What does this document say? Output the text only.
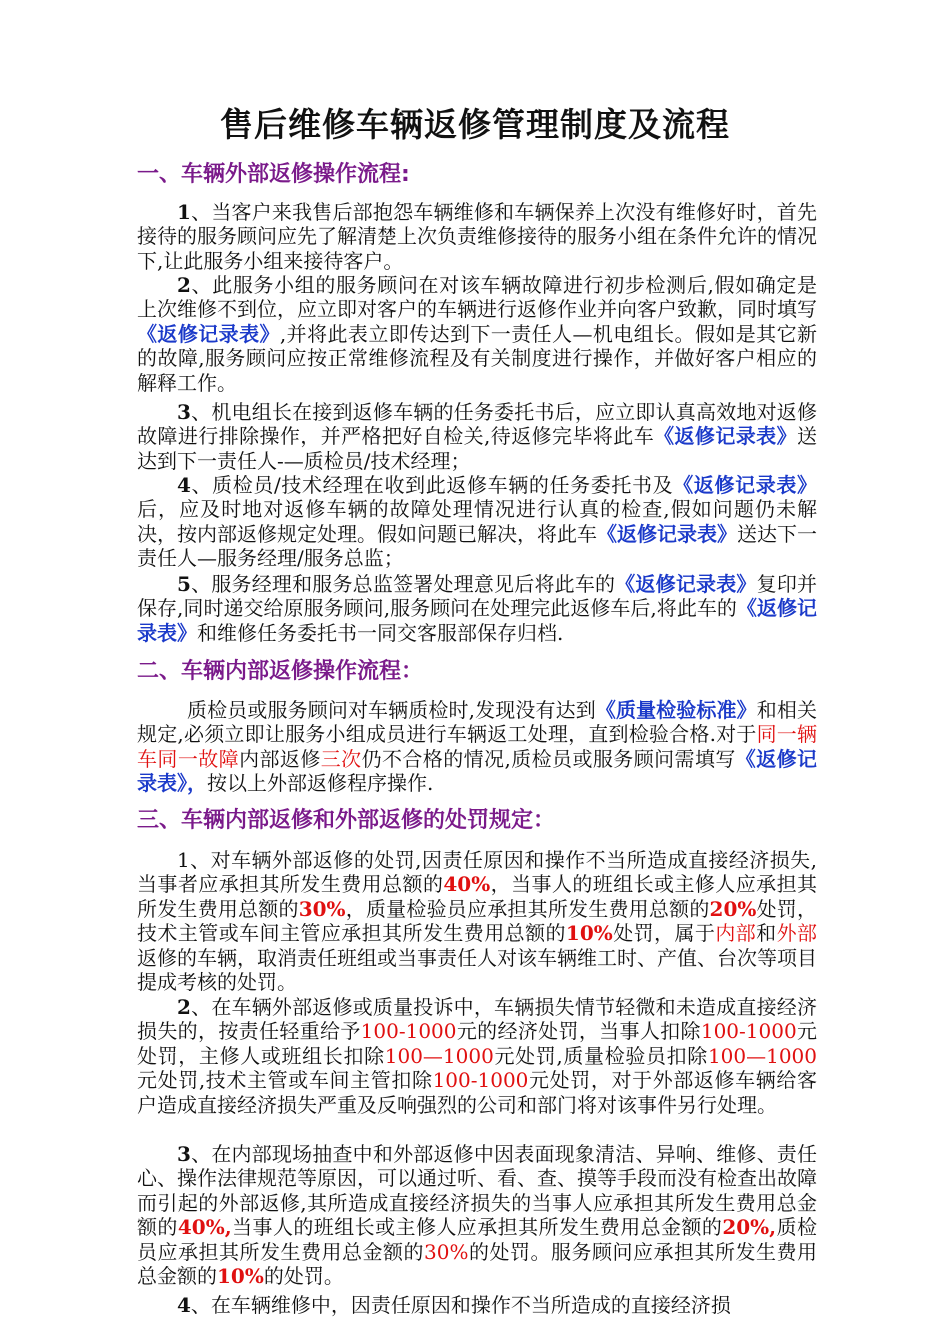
售后维修车辆返修管理制度及流程
一、车辆外部返修操作流程:
1、当客户来我售后部抱怨车辆维修和车辆保养上次没有维修好时，首先接待的服务顾问应先了解清楚上次负责维修接待的服务小组在条件允许的情况下,让此服务小组来接待客户。
2、此服务小组的服务顾问在对该车辆故障进行初步检测后,假如确定是上次维修不到位，应立即对客户的车辆进行返修作业并向客户致歉，同时填写《返修记录表》,并将此表立即传达到下一责任人—机电组长。假如是其它新的故障,服务顾问应按正常维修流程及有关制度进行操作，并做好客户相应的解释工作。
3、机电组长在接到返修车辆的任务委托书后，应立即认真高效地对返修故障进行排除操作，并严格把好自检关,待返修完毕将此车《返修记录表》送达到下一责任人-—质检员/技术经理；
4、质检员/技术经理在收到此返修车辆的任务委托书及《返修记录表》后，应及时地对返修车辆的故障处理情况进行认真的检查,假如问题仍未解决，按内部返修规定处理。假如问题已解决，将此车《返修记录表》送达下一责任人—服务经理/服务总监；
5、服务经理和服务总监签署处理意见后将此车的《返修记录表》复印并保存,同时递交给原服务顾问,服务顾问在处理完此返修车后,将此车的《返修记录表》和维修任务委托书一同交客服部保存归档.
二、车辆内部返修操作流程：
质检员或服务顾问对车辆质检时,发现没有达到《质量检验标准》和相关规定,必须立即让服务小组成员进行车辆返工处理，直到检验合格.对于同一辆车同一故障内部返修三次仍不合格的情况,质检员或服务顾问需填写《返修记录表》，按以上外部返修程序操作.
三、车辆内部返修和外部返修的处罚规定：
1、对车辆外部返修的处罚,因责任原因和操作不当所造成直接经济损失,当事者应承担其所发生费用总额的40%，当事人的班组长或主修人应承担其所发生费用总额的30%，质量检验员应承担其所发生费用总额的20%处罚，技术主管或车间主管应承担其所发生费用总额的10%处罚，属于内部和外部返修的车辆，取消责任班组或当事责任人对该车辆维工时、产值、台次等项目提成考核的处罚。
2、在车辆外部返修或质量投诉中，车辆损失情节轻微和未造成直接经济损失的，按责任轻重给予100-1000元的经济处罚，当事人扣除100-1000元处罚，主修人或班组长扣除100—1000元处罚,质量检验员扣除100—1000元处罚,技术主管或车间主管扣除100-1000元处罚，对于外部返修车辆给客户造成直接经济损失严重及反响强烈的公司和部门将对该事件另行处理。
3、在内部现场抽查中和外部返修中因表面现象清洁、异响、维修、责任心、操作法律规范等原因，可以通过听、看、查、摸等手段而没有检查出故障而引起的外部返修,其所造成直接经济损失的当事人应承担其所发生费用总金额的40%,当事人的班组长或主修人应承担其所发生费用总金额的20%,质检员应承担其所发生费用总金额的30%的处罚。服务顾问应承担其所发生费用总金额的10%的处罚。
4、在车辆维修中，因责任原因和操作不当所造成的直接经济损
